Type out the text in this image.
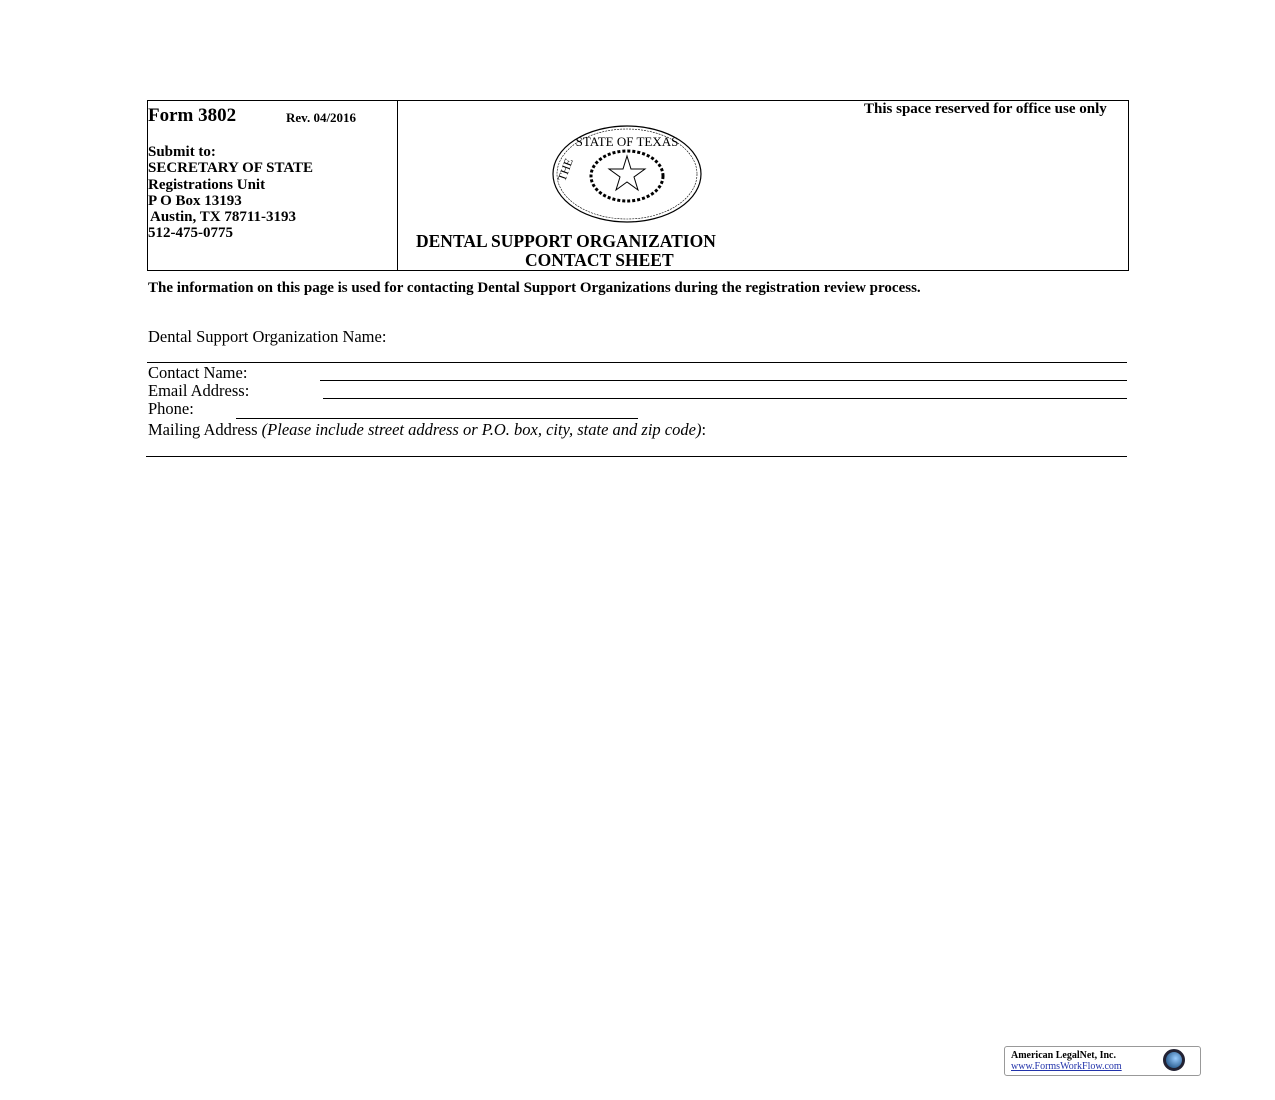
Form 3802	Rev. 04/2016
Submit to:
SECRETARY OF STATE
Registrations Unit
P O Box 13193
Austin, TX 78711-3193
512-475-0775
STATE OF TEXAS
THE
DENTAL SUPPORT ORGANIZATION
CONTACT SHEET
This space reserved for office use only
The information on this page is used for contacting Dental Support Organizations during the registration review process.
Dental Support Organization Name:
Contact Name:
Email Address:
Phone:
Mailing Address (Please include street address or P.O. box, city, state and zip code):
American LegalNet, Inc.
www.FormsWorkFlow.com
